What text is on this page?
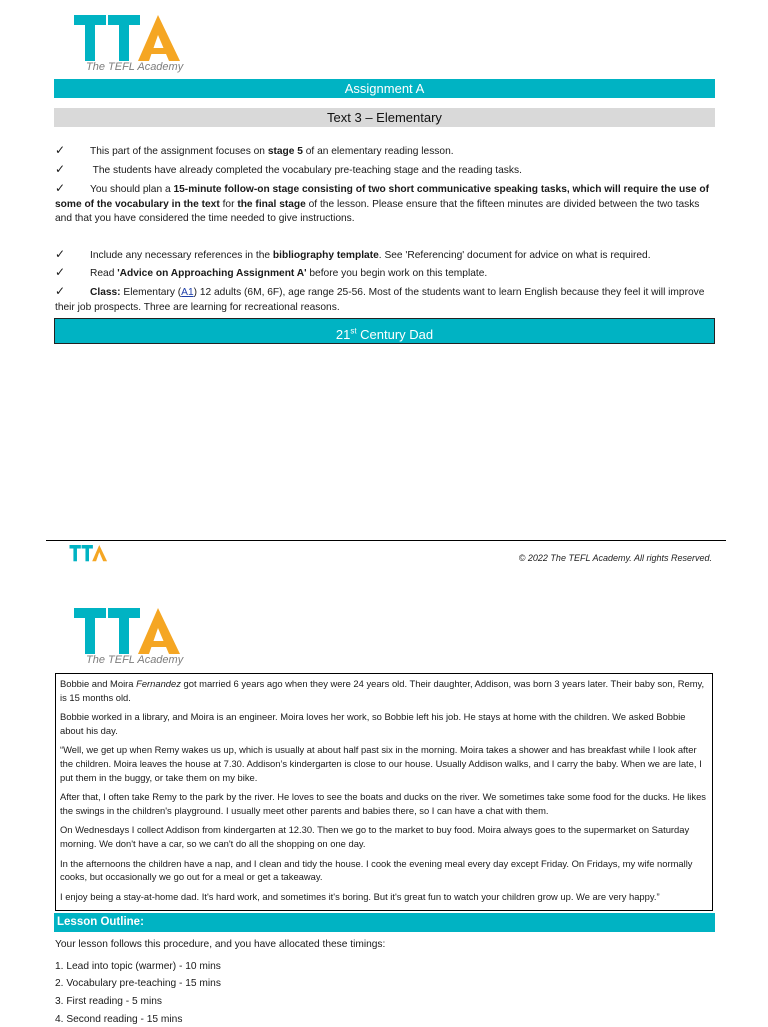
The TEFL Academy
Assignment A
Text 3 – Elementary
✓ This part of the assignment focuses on stage 5 of an elementary reading lesson.
✓ The students have already completed the vocabulary pre-teaching stage and the reading tasks.
✓ You should plan a 15-minute follow-on stage consisting of two short communicative speaking tasks, which will require the use of some of the vocabulary in the text for the final stage of the lesson. Please ensure that the fifteen minutes are divided between the two tasks and that you have considered the time needed to give instructions.
✓ Include any necessary references in the bibliography template. See 'Referencing' document for advice on what is required.
✓ Read 'Advice on Approaching Assignment A' before you begin work on this template.
✓ Class: Elementary (A1) 12 adults (6M, 6F), age range 25-56. Most of the students want to learn English because they feel it will improve their job prospects. Three are learning for recreational reasons.
21st Century Dad
© 2022 The TEFL Academy. All rights Reserved.
The TEFL Academy

Bobbie and Moira Fernandez got married 6 years ago when they were 24 years old. Their daughter, Addison, was born 3 years later. Their baby son, Remy, is 15 months old.

Bobbie worked in a library, and Moira is an engineer. Moira loves her work, so Bobbie left his job. He stays at home with the children. We asked Bobbie about his day.

“Well, we get up when Remy wakes us up, which is usually at about half past six in the morning. Moira takes a shower and has breakfast while I look after the children. Moira leaves the house at 7.30. Addison’s kindergarten is close to our house. Usually Addison walks, and I carry the baby. When we are late, I put them in the buggy, or take them on my bike.

After that, I often take Remy to the park by the river. He loves to see the boats and ducks on the river. We sometimes take some food for the ducks. He likes the swings in the children's playground. I usually meet other parents and babies there, so I can have a chat with them.

On Wednesdays I collect Addison from kindergarten at 12.30. Then we go to the market to buy food. Moira always goes to the supermarket on Saturday morning. We don't have a car, so we can't do all the shopping on one day.

In the afternoons the children have a nap, and I clean and tidy the house. I cook the evening meal every day except Friday. On Fridays, my wife normally cooks, but occasionally we go out for a meal or get a takeaway.

I enjoy being a stay-at-home dad. It's hard work, and sometimes it's boring. But it's great fun to watch your children grow up. We are very happy.”

Lesson Outline:
Your lesson follows this procedure, and you have allocated these timings:
1. Lead into topic (warmer) - 10 mins
2. Vocabulary pre-teaching - 15 mins
3. First reading - 5 mins
4. Second reading - 15 mins
